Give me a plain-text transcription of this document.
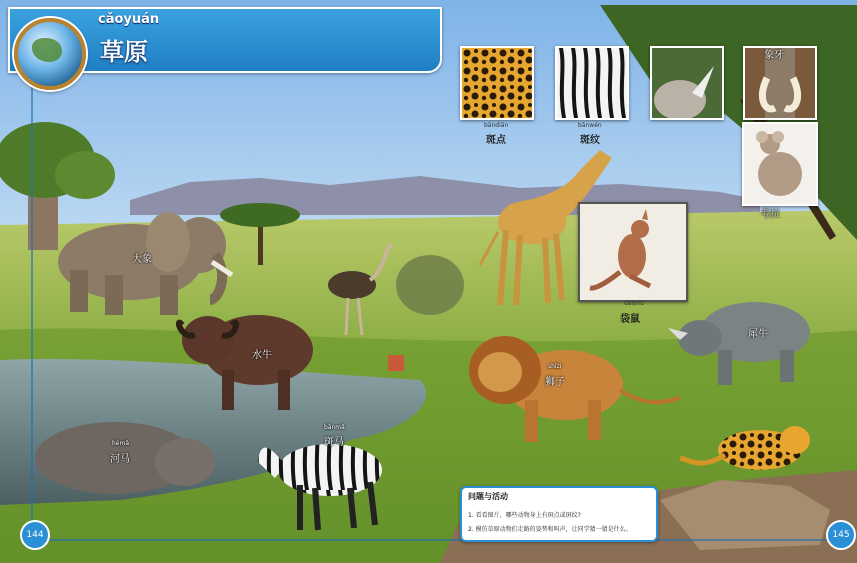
cǎoyuán
草原
bāndiǎn
斑点
bānwén
斑纹
象牙
考拉
dàishǔ
袋鼠
大象
水牛
shīzi
狮子
犀牛
hémǎ
河马
bānmǎ
斑马
问题与活动
1. 看看图片，哪些动物身上有斑点或斑纹?
2. 模仿草原动物们走路的姿势和叫声，让同学猜一猜是什么。
144	145
